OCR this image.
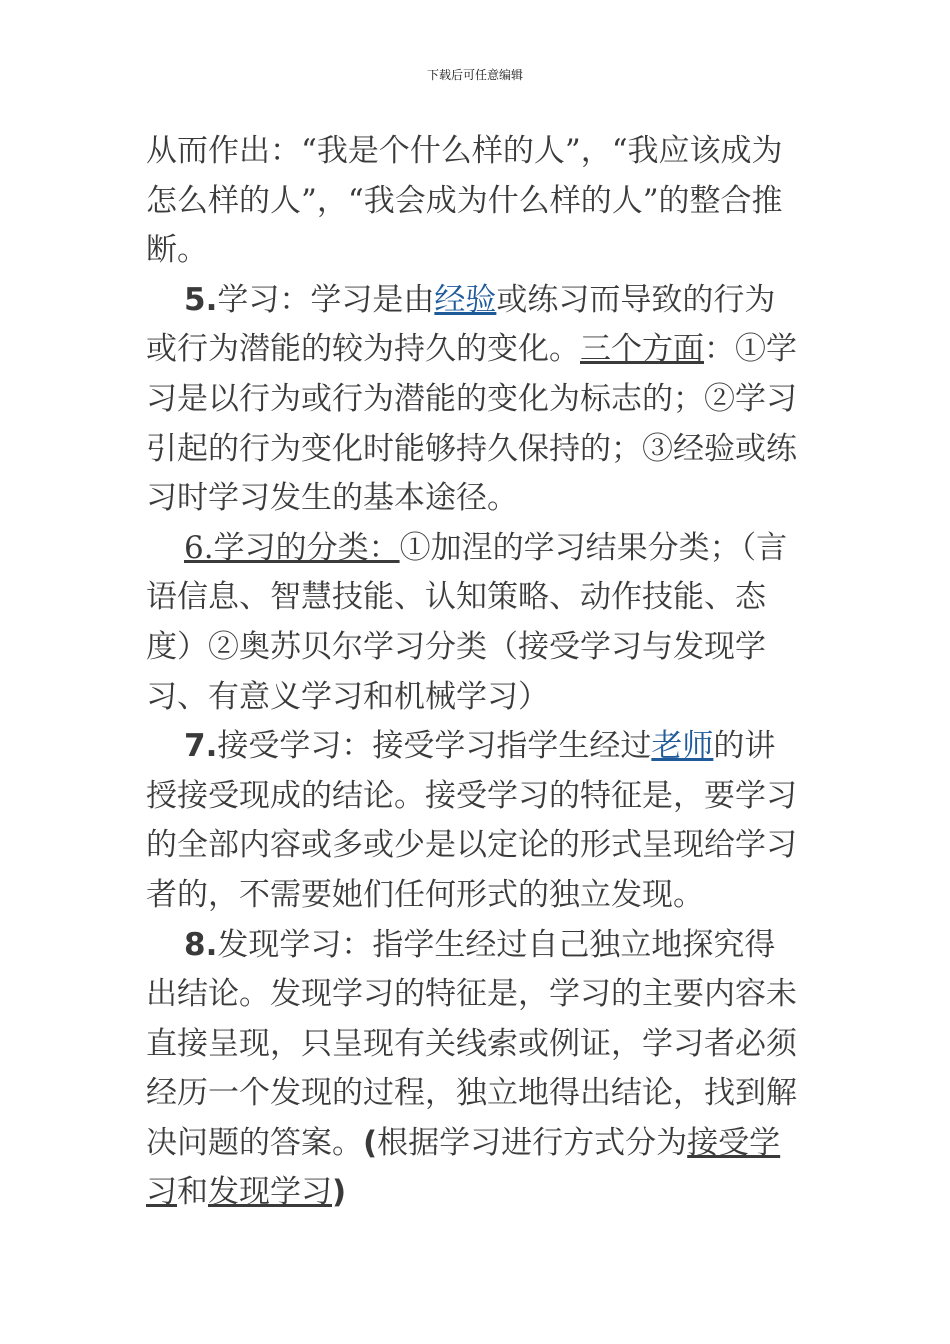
下载后可任意编辑

从而作出：“我是个什么样的人”，“我应该成为怎么样的人”，“我会成为什么样的人”的整合推断。

5.学习：学习是由经验或练习而导致的行为或行为潜能的较为持久的变化。三个方面：①学习是以行为或行为潜能的变化为标志的；②学习引起的行为变化时能够持久保持的；③经验或练习时学习发生的基本途径。

6.学习的分类：①加涅的学习结果分类；（言语信息、智慧技能、认知策略、动作技能、态度）②奥苏贝尔学习分类（接受学习与发现学习、有意义学习和机械学习）

7.接受学习：接受学习指学生经过老师的讲授接受现成的结论。接受学习的特征是，要学习的全部内容或多或少是以定论的形式呈现给学习者的，不需要她们任何形式的独立发现。

8.发现学习：指学生经过自己独立地探究得出结论。发现学习的特征是，学习的主要内容未直接呈现，只呈现有关线索或例证，学习者必须经历一个发现的过程，独立地得出结论，找到解决问题的答案。(根据学习进行方式分为接受学习和发现学习)
